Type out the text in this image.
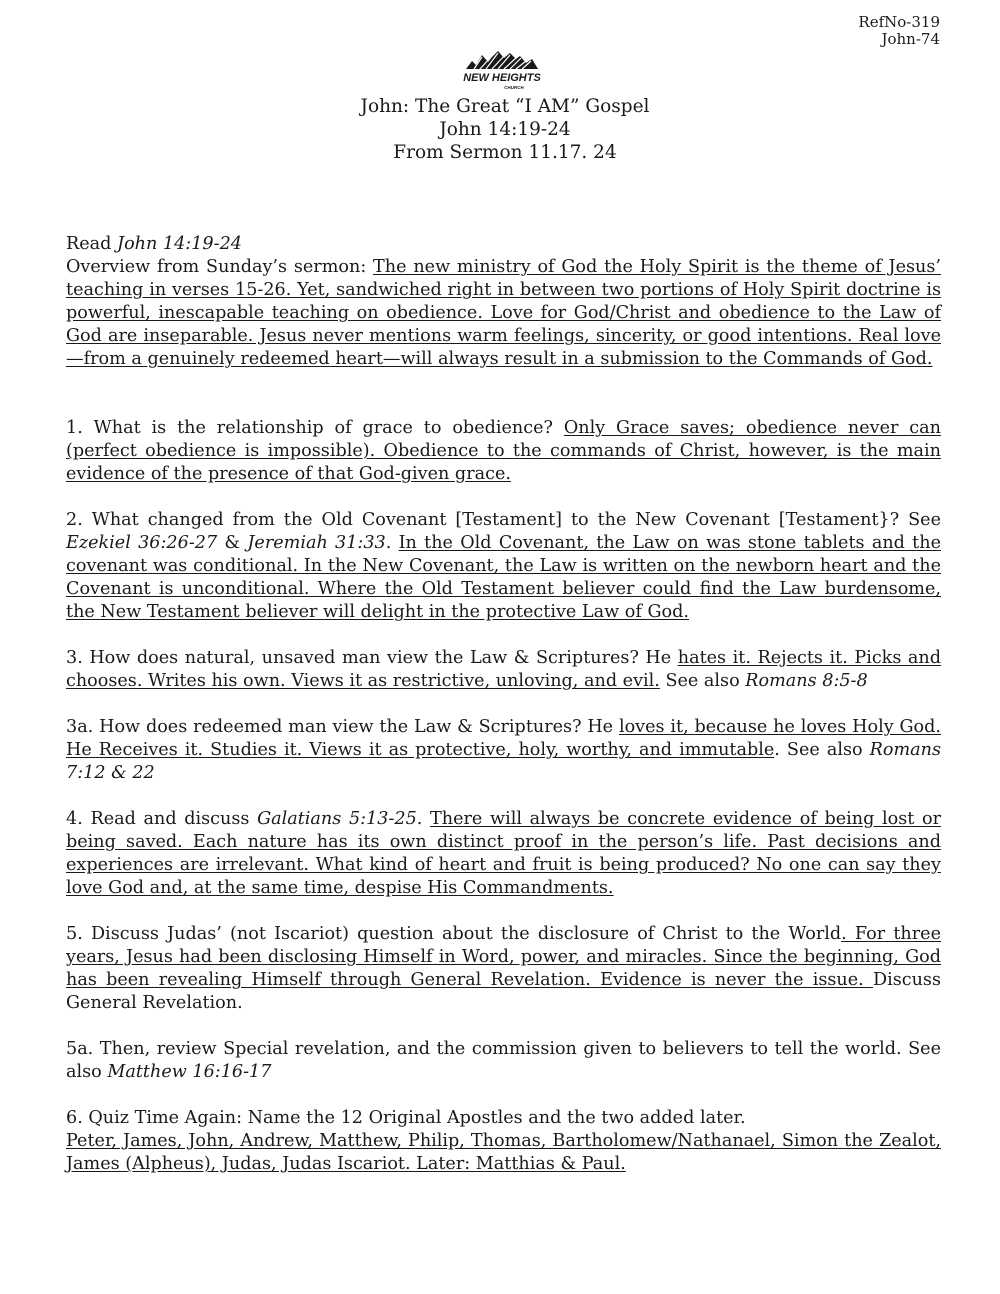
RefNo-319
John-74
NEW HEIGHTS
CHURCH
John: The Great “I AM” Gospel
John 14:19-24
From Sermon 11.17. 24

Read John 14:19-24

Overview from Sunday’s sermon: The new ministry of God the Holy Spirit is the theme of Jesus’ teaching in verses 15-26. Yet, sandwiched right in between two portions of Holy Spirit doctrine is powerful, inescapable teaching on obedience. Love for God/Christ and obedience to the Law of God are inseparable. Jesus never mentions warm feelings, sincerity, or good intentions. Real love—from a genuinely redeemed heart—will always result in a submission to the Commands of God.

1. What is the relationship of grace to obedience? Only Grace saves; obedience never can (perfect obedience is impossible). Obedience to the commands of Christ, however, is the main evidence of the presence of that God-given grace.

2. What changed from the Old Covenant [Testament] to the New Covenant [Testament}? See Ezekiel 36:26-27 & Jeremiah 31:33. In the Old Covenant, the Law on was stone tablets and the covenant was conditional. In the New Covenant, the Law is written on the newborn heart and the Covenant is unconditional. Where the Old Testament believer could find the Law burdensome, the New Testament believer will delight in the protective Law of God.

3. How does natural, unsaved man view the Law & Scriptures? He hates it. Rejects it. Picks and chooses. Writes his own. Views it as restrictive, unloving, and evil. See also Romans 8:5-8

3a. How does redeemed man view the Law & Scriptures? He loves it, because he loves Holy God. He Receives it. Studies it. Views it as protective, holy, worthy, and immutable. See also Romans 7:12 & 22

4. Read and discuss Galatians 5:13-25. There will always be concrete evidence of being lost or being saved. Each nature has its own distinct proof in the person’s life. Past decisions and experiences are irrelevant. What kind of heart and fruit is being produced? No one can say they love God and, at the same time, despise His Commandments.

5. Discuss Judas’ (not Iscariot) question about the disclosure of Christ to the World. For three years, Jesus had been disclosing Himself in Word, power, and miracles. Since the beginning, God has been revealing Himself through General Revelation. Evidence is never the issue. Discuss General Revelation.

5a. Then, review Special revelation, and the commission given to believers to tell the world. See also Matthew 16:16-17

6. Quiz Time Again: Name the 12 Original Apostles and the two added later.

Peter, James, John, Andrew, Matthew, Philip, Thomas, Bartholomew/Nathanael, Simon the Zealot, James (Alpheus), Judas, Judas Iscariot. Later: Matthias & Paul.
